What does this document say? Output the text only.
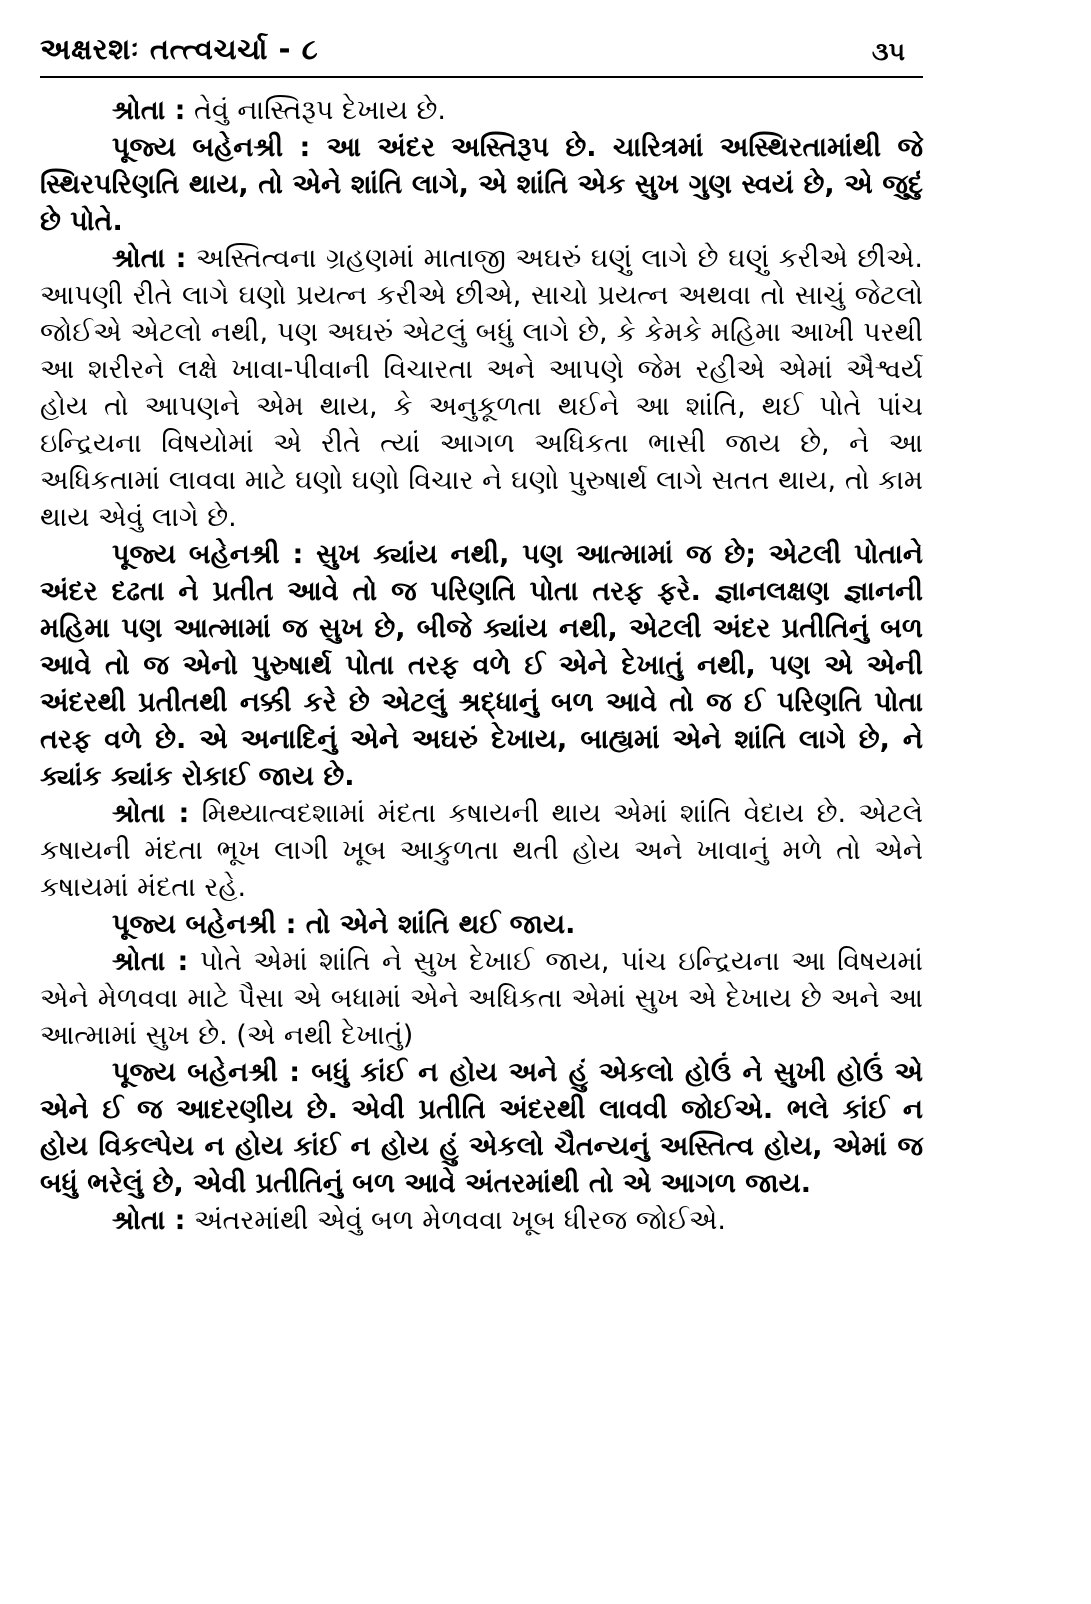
અક્ષરશઃ તત્ત્વચર્ચા - ૮	૩૫

શ્રોતા : તેવું નાસ્તિરૂપ દેખાય છે.

પૂજ્ય બહેનશ્રી : આ અંદર અસ્તિરૂપ છે. ચારિત્રમાં અસ્થિરતામાંથી જે સ્થિરપરિણતિ થાય, તો એને શાંતિ લાગે, એ શાંતિ એક સુખ ગુણ સ્વયં છે, એ જુદું છે પોતે.

શ્રોતા : અસ્તિત્વના ગ્રહણમાં માતાજી અઘરું ઘણું લાગે છે ઘણું કરીએ છીએ. આપણી રીતે લાગે ઘણો પ્રયત્ન કરીએ છીએ, સાચો પ્રયત્ન અથવા તો સાચું જેટલો જોઈએ એટલો નથી, પણ અઘરું એટલું બધું લાગે છે, કે કેમકે મહિમા આખી પરથી આ શરીરને લક્ષે ખાવા-પીવાની વિચારતા અને આપણે જેમ રહીએ એમાં ઐશ્વર્ય હોય તો આપણને એમ થાય, કે અનુકૂળતા થઈને આ શાંતિ, થઈ પોતે પાંચ ઇન્દ્રિયના વિષયોમાં એ રીતે ત્યાં આગળ અધિકતા ભાસી જાય છે, ને આ અધિકતામાં લાવવા માટે ઘણો ઘણો વિચાર ને ઘણો પુરુષાર્થ લાગે સતત થાય, તો કામ થાય એવું લાગે છે.

પૂજ્ય બહેનશ્રી : સુખ ક્યાંય નથી, પણ આત્મામાં જ છે; એટલી પોતાને અંદર દઢતા ને પ્રતીત આવે તો જ પરિણતિ પોતા તરફ ફરે. જ્ઞાનલક્ષણ જ્ઞાનની મહિમા પણ આત્મામાં જ સુખ છે, બીજે ક્યાંય નથી, એટલી અંદર પ્રતીતિનું બળ આવે તો જ એનો પુરુષાર્થ પોતા તરફ વળે ઈ એને દેખાતું નથી, પણ એ એની અંદરથી પ્રતીતથી નક્કી કરે છે એટલું શ્રદ્ધાનું બળ આવે તો જ ઈ પરિણતિ પોતા તરફ વળે છે. એ અનાદિનું એને અઘરું દેખાય, બાહ્યમાં એને શાંતિ લાગે છે, ને ક્યાંક ક્યાંક રોકાઈ જાય છે.

શ્રોતા : મિથ્યાત્વદશામાં મંદતા કષાયની થાય એમાં શાંતિ વેદાય છે. એટલે કષાયની મંદતા ભૂખ લાગી ખૂબ આકુળતા થતી હોય અને ખાવાનું મળે તો એને કષાયમાં મંદતા રહે.

પૂજ્ય બહેનશ્રી : તો એને શાંતિ થઈ જાય.

શ્રોતા : પોતે એમાં શાંતિ ને સુખ દેખાઈ જાય, પાંચ ઇન્દ્રિયના આ વિષયમાં એને મેળવવા માટે પૈસા એ બધામાં એને અધિકતા એમાં સુખ એ દેખાય છે અને આ આત્મામાં સુખ છે. (એ નથી દેખાતું)

પૂજ્ય બહેનશ્રી : બધું કાંઈ ન હોય અને હું એકલો હોઉં ને સુખી હોઉં એ એને ઈ જ આદરણીય છે. એવી પ્રતીતિ અંદરથી લાવવી જોઈએ. ભલે કાંઈ ન હોય વિકલ્પેય ન હોય કાંઈ ન હોય હું એકલો ચૈતન્યનું અસ્તિત્વ હોય, એમાં જ બધું ભરેલું છે, એવી પ્રતીતિનું બળ આવે અંતરમાંથી તો એ આગળ જાય.

શ્રોતા : અંતરમાંથી એવું બળ મેળવવા ખૂબ ધીરજ જોઈએ.
